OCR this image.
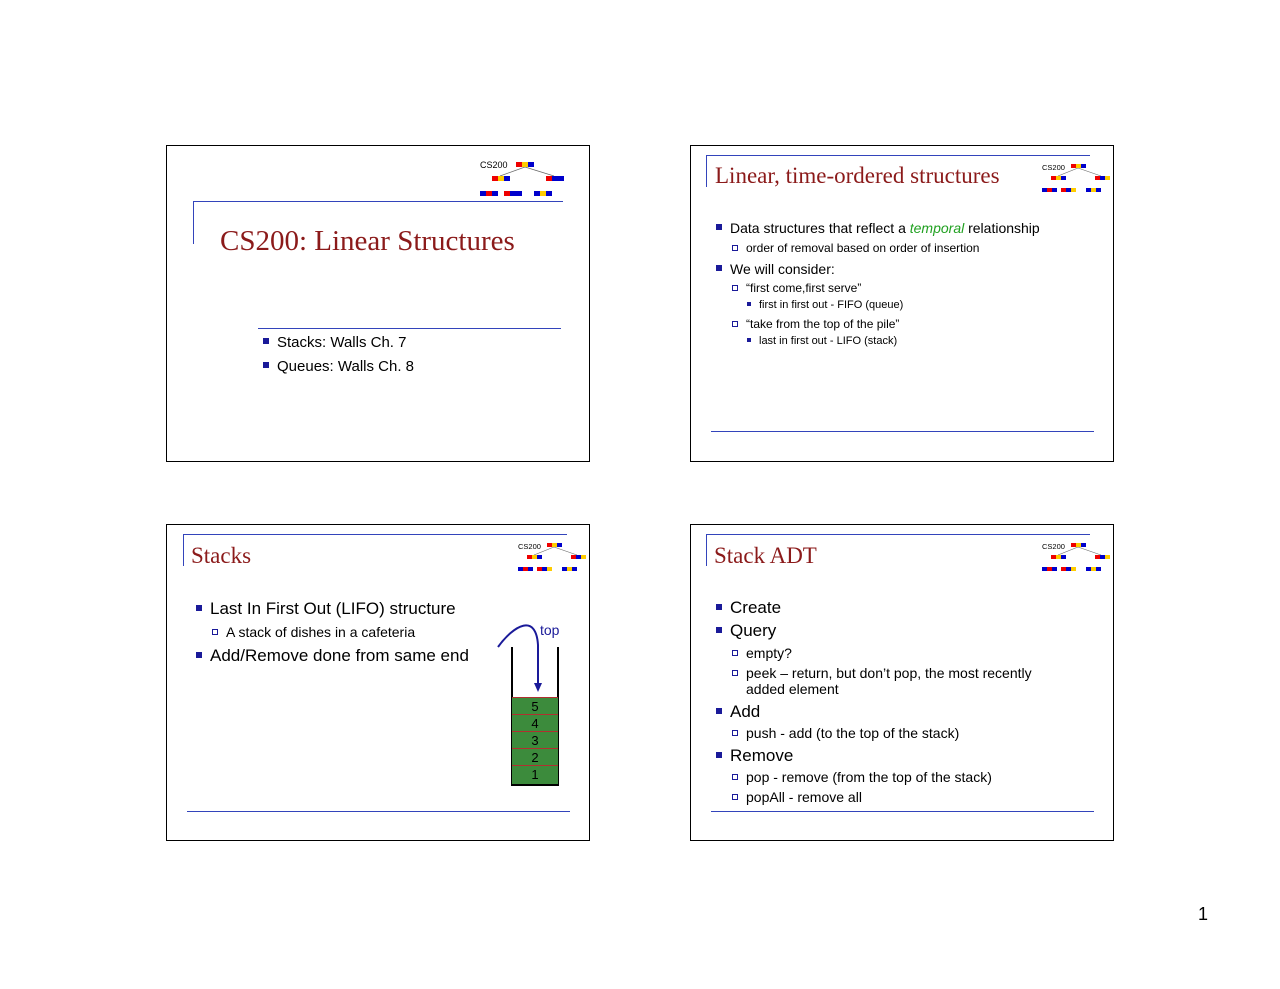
CS200
CS200: Linear Structures
Stacks: Walls Ch. 7
Queues: Walls Ch. 8
Linear, time-ordered structures	CS200
Data structures that reflect a temporal relationship
order of removal based on order of insertion
We will consider:
“first come,first serve”
first in first out - FIFO (queue)
“take from the top of the pile”
last in first out - LIFO (stack)
Stacks	CS200
Last In First Out (LIFO) structure
A stack of dishes in a cafeteria
Add/Remove done from same end
top
5
4
3
2
1
Stack ADT	CS200
Create
Query
empty?
peek – return, but don’t pop, the most recently
added element
Add
push - add (to the top of the stack)
Remove
pop - remove (from the top of the stack)
popAll - remove all
1
